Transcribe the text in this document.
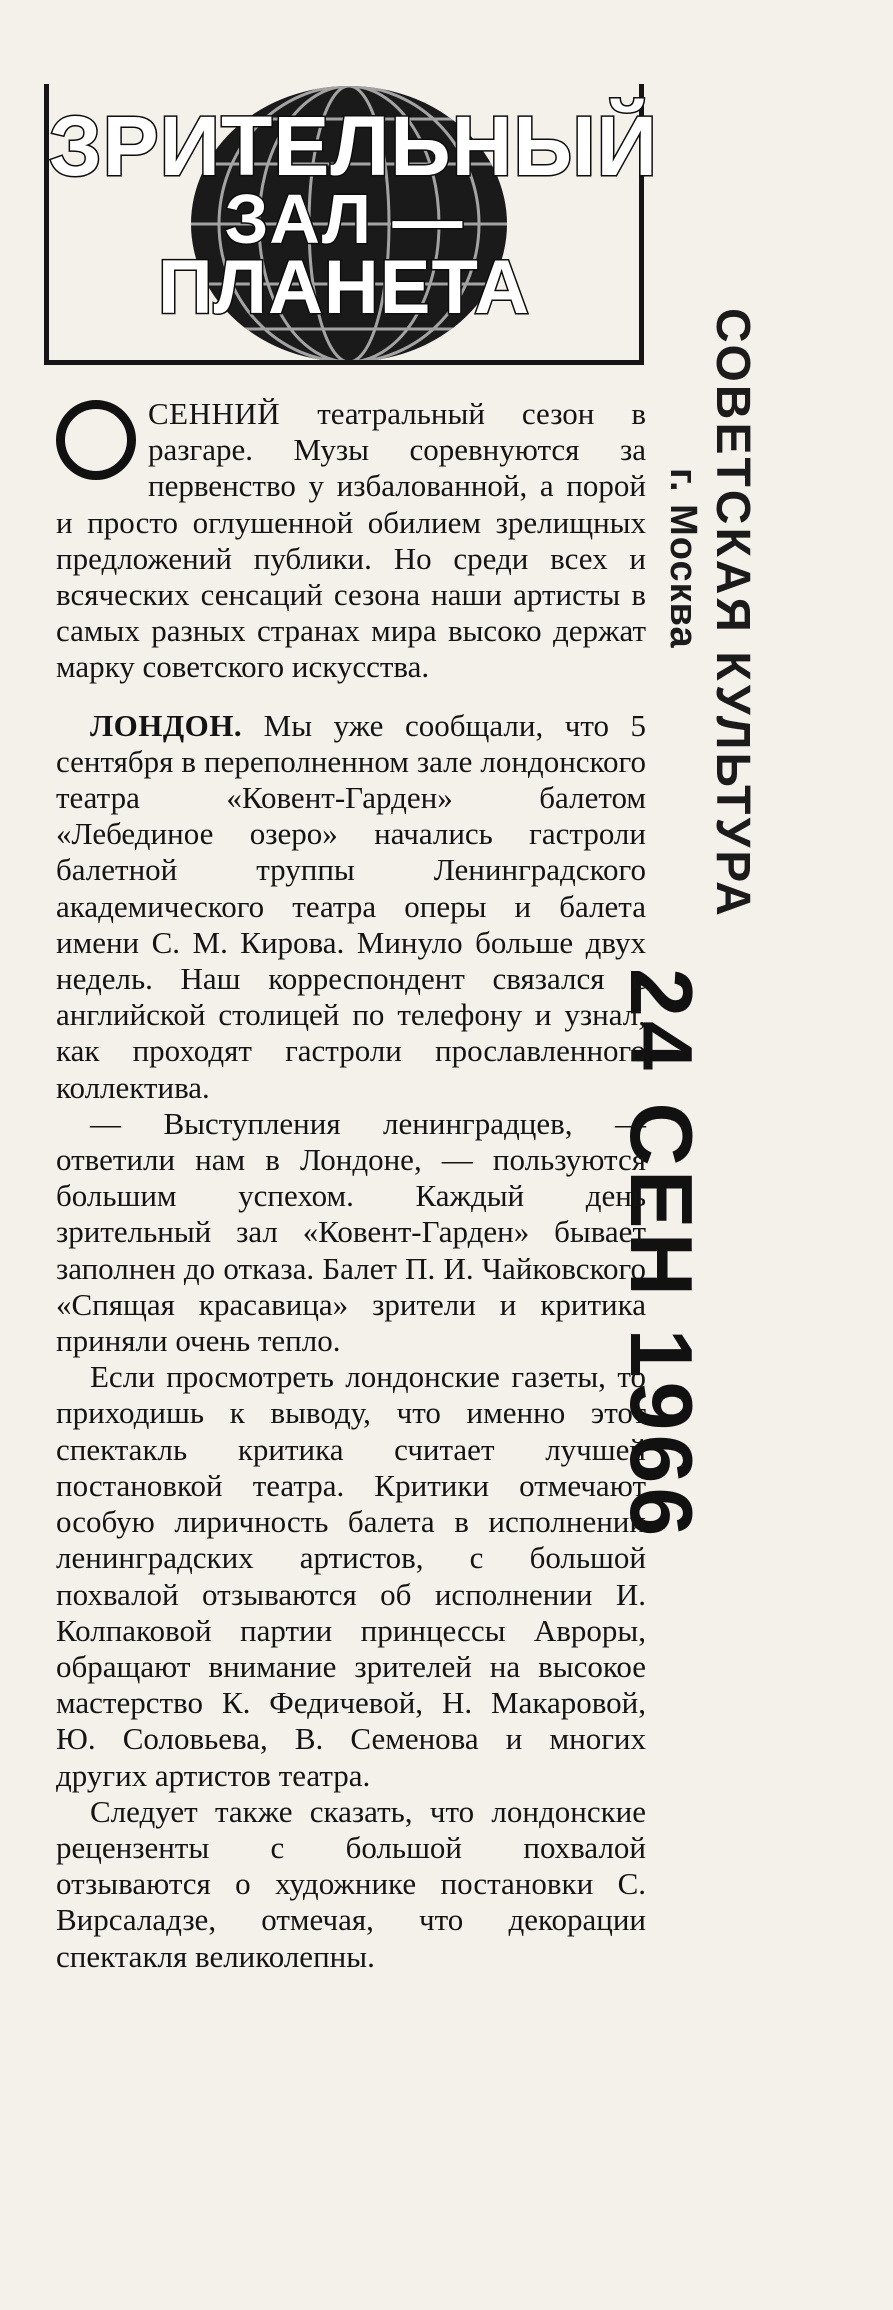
ЗРИТЕЛЬНЫЙ
ЗАЛ —
ПЛАНЕТА
СОВЕТСКАЯ КУЛЬТУРА
г. Москва
24 СЕН 1966

СЕННИЙ театральный сезон в разгаре. Музы соревнуются за первенство у избалованной, а порой и просто оглушенной обилием зрелищных предложений публики. Но среди всех и всяческих сенсаций сезона наши артисты в самых разных странах мира высоко держат марку советского искусства.

ЛОНДОН. Мы уже сообщали, что 5 сентября в переполненном зале лондонского театра «Ковент-Гарден» балетом «Лебединое озеро» начались гастроли балетной труппы Ленинградского академического театра оперы и балета имени С. М. Кирова. Минуло больше двух недель. Наш корреспондент связался с английской столицей по телефону и узнал, как проходят гастроли прославленного коллектива.

— Выступления ленинградцев, — ответили нам в Лондоне, — пользуются большим успехом. Каждый день зрительный зал «Ковент-Гарден» бывает заполнен до отказа. Балет П. И. Чайковского «Спящая красавица» зрители и критика приняли очень тепло.

Если просмотреть лондонские газеты, то приходишь к выводу, что именно этот спектакль критика считает лучшей постановкой театра. Критики отмечают особую лиричность балета в исполнении ленинградских артистов, с большой похвалой отзываются об исполнении И. Колпаковой партии принцессы Авроры, обращают внимание зрителей на высокое мастерство К. Федичевой, Н. Макаровой, Ю. Соловьева, В. Семенова и многих других артистов театра.

Следует также сказать, что лондонские рецензенты с большой похвалой отзываются о художнике постановки С. Вирсаладзе, отмечая, что декорации спектакля великолепны.
